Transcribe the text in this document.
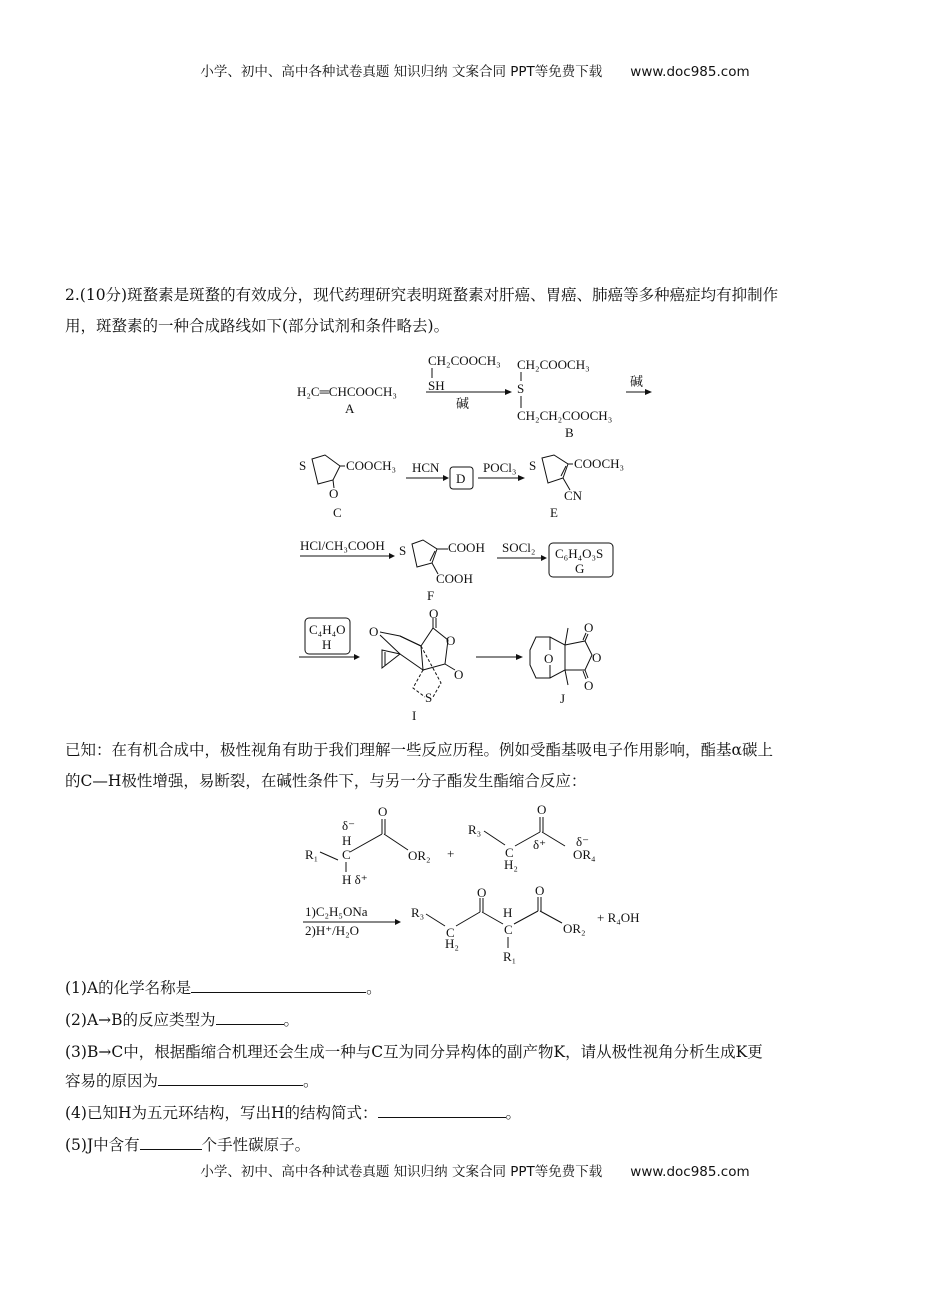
小学、初中、高中各种试卷真题 知识归纳 文案合同 PPT等免费下载 www.doc985.com
2.(10分)斑蝥素是斑蝥的有效成分，现代药理研究表明斑蝥素对肝癌、胃癌、肺癌等多种癌症均有抑制作
用，斑蝥素的一种合成路线如下(部分试剂和条件略去)。
H₂C═CHCOOCH₃
A
CH₂COOCH₃
SH
碱
CH₂COOCH₃
S
CH₂CH₂COOCH₃
B
碱
S	COOCH₃
O
C
HCN
D
POCl₃ S	COOCH₃
CN
E
HCl/CH₃COOH S	COOH
COOH
F
SOCl₂ C₆H₄O₃S
G
C₄H₄O
H
O
O
O
O
S
I
O
O
O
O
J
R₁
δ⁻
H
C
H δ⁺
O
OR₂ +
R₃
C
H₂
δ⁺
O
δ⁻
OR₄
1)C₂H₅ONa
2)H⁺/H₂O
R₃
C
H₂
O
H
C
R₁
O
OR₂
+ R₄OH
已知：在有机合成中，极性视角有助于我们理解一些反应历程。例如受酯基吸电子作用影响，酯基α碳上
的C—H极性增强，易断裂，在碱性条件下，与另一分子酯发生酯缩合反应：
(1)A的化学名称是	。
(2)A→B的反应类型为	。
(3)B→C中，根据酯缩合机理还会生成一种与C互为同分异构体的副产物K，请从极性视角分析生成K更
容易的原因为	。
(4)已知H为五元环结构，写出H的结构简式：	。
(5)J中含有	个手性碳原子。
小学、初中、高中各种试卷真题 知识归纳 文案合同 PPT等免费下载 www.doc985.com
